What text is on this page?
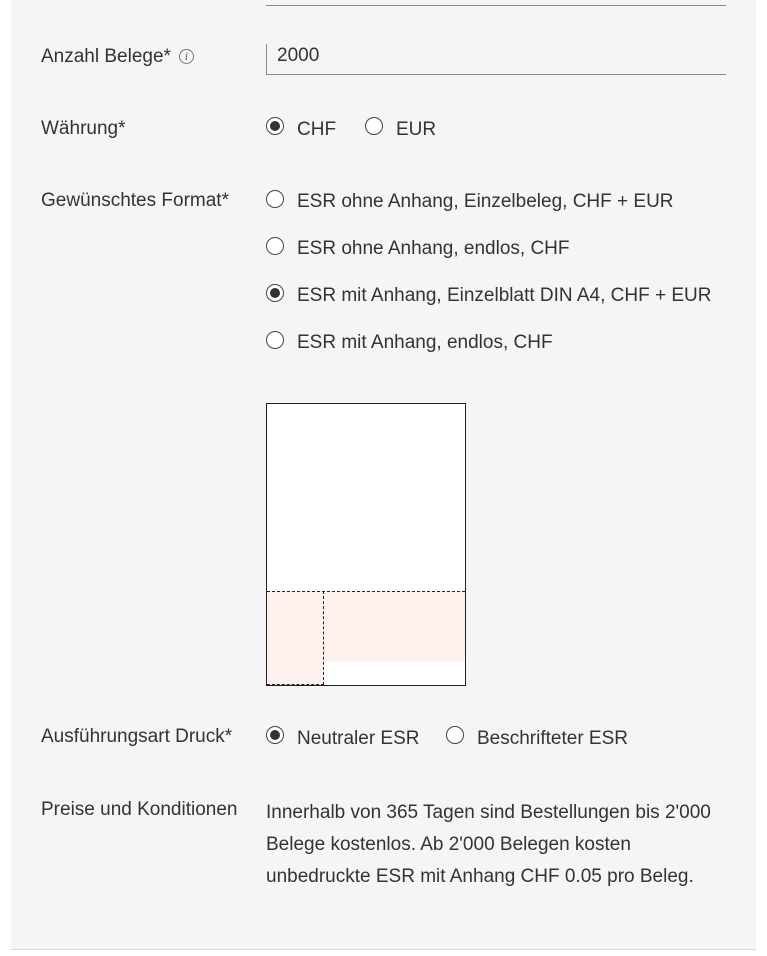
Anzahl Belege* i	2000
Währung*	CHF	EUR
Gewünschtes Format*	ESR ohne Anhang, Einzelbeleg, CHF + EUR
ESR ohne Anhang, endlos, CHF
ESR mit Anhang, Einzelblatt DIN A4, CHF + EUR
ESR mit Anhang, endlos, CHF
Ausführungsart Druck*	Neutraler ESR	Beschrifteter ESR
Preise und Konditionen Innerhalb von 365 Tagen sind Bestellungen bis 2'000 Belege kostenlos. Ab 2'000 Belegen kosten unbedruckte ESR mit Anhang CHF 0.05 pro Beleg.
